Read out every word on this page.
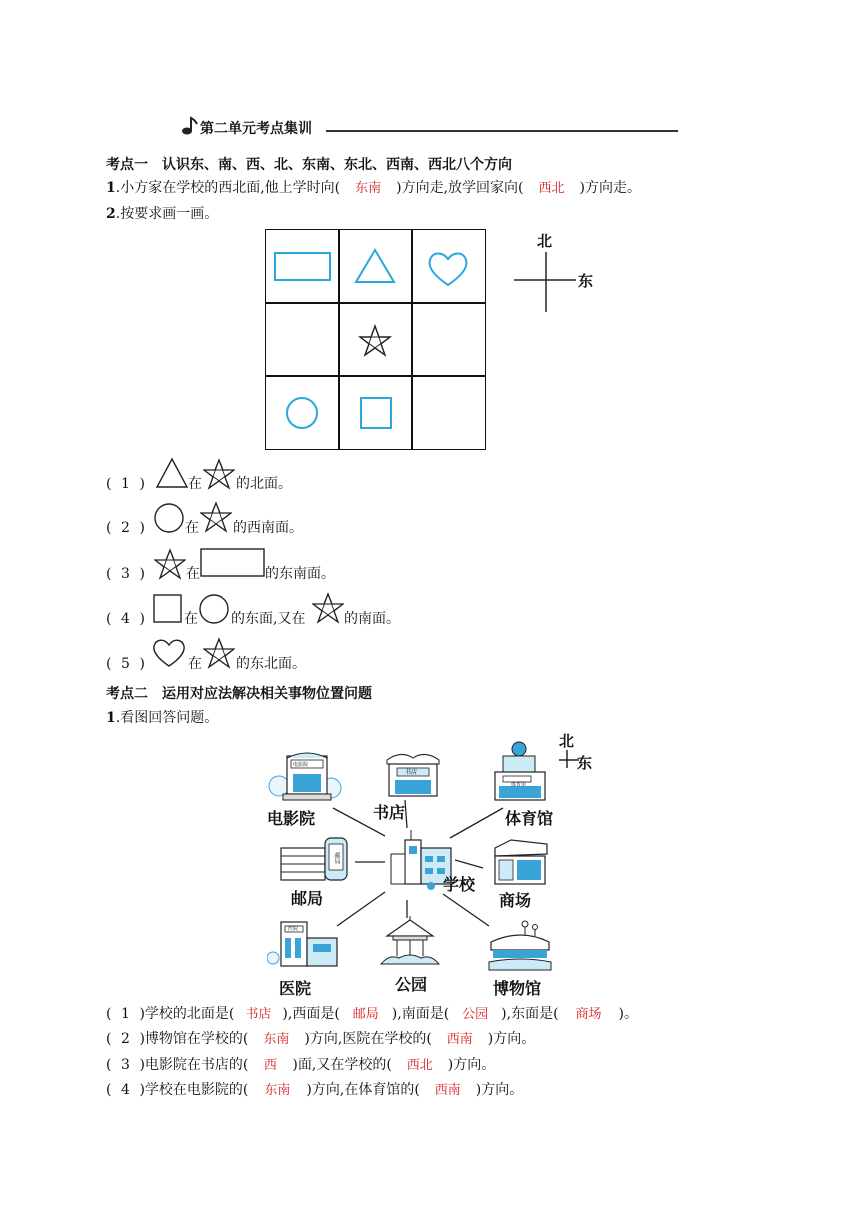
第二单元考点集训
考点一　认识东、南、西、北、东南、东北、西南、西北八个方向
1.小方家在学校的西北面,他上学时向( 东南 )方向走,放学回家向( 西北 )方向走。
2.按要求画一画。
北
东
( 1 )	在 的北面。
( 2 )	在 的西南面。
( 3 )	在	的东南面。
( 4 )	在 的东面,又在	的南面。
( 5 )	在 的东北面。
考点二　运用对应法解决相关事物位置问题
1.看图回答问题。
电影院
电影院
书店
书店
体育馆
体育馆
北
东
邮局
邮局
学校
商场
医院
医院	公园	博物馆
( 1 )学校的北面是( 书店 ),西面是( 邮局 ),南面是( 公园 ),东面是( 商场 )。
( 2 )博物馆在学校的( 东南 )方向,医院在学校的( 西南 )方向。
( 3 )电影院在书店的( 西 )面,又在学校的( 西北 )方向。
( 4 )学校在电影院的( 东南 )方向,在体育馆的( 西南 )方向。
